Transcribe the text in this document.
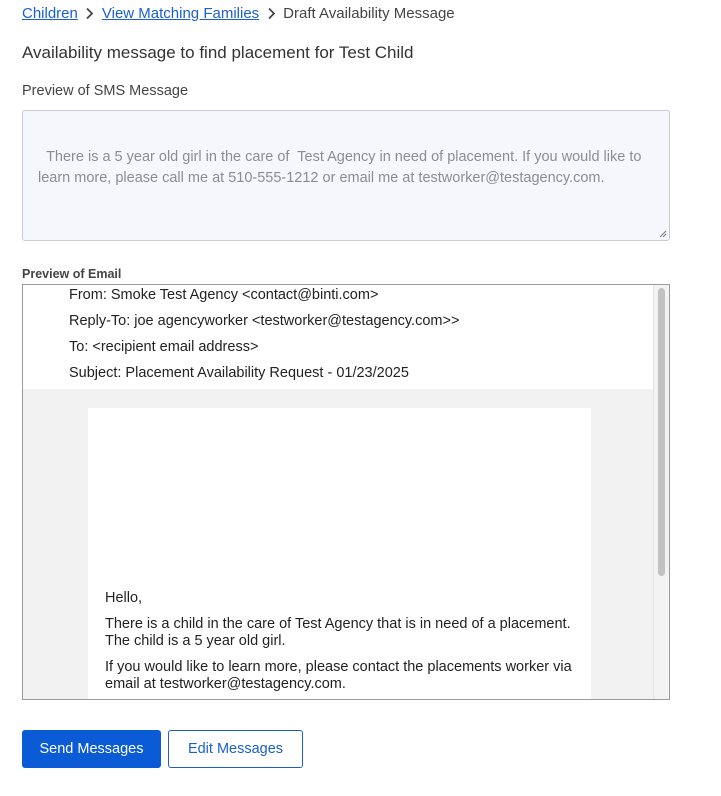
Children View Matching Families Draft Availability Message
Availability message to find placement for Test Child
Preview of SMS Message

There is a 5 year old girl in the care of  Test Agency in need of placement. If you would like to learn more, please call me at 510-555-1212 or email me at testworker@testagency.com.

Preview of Email
From: Smoke Test Agency <contact@binti.com>
Reply-To: joe agencyworker <testworker@testagency.com>>
To: <recipient email address>
Subject: Placement Availability Request - 01/23/2025
Hello,
There is a child in the care of Test Agency that is in need of a placement. The child is a 5 year old girl.
If you would like to learn more, please contact the placements worker via email at testworker@testagency.com.
Send Messages	Edit Messages
